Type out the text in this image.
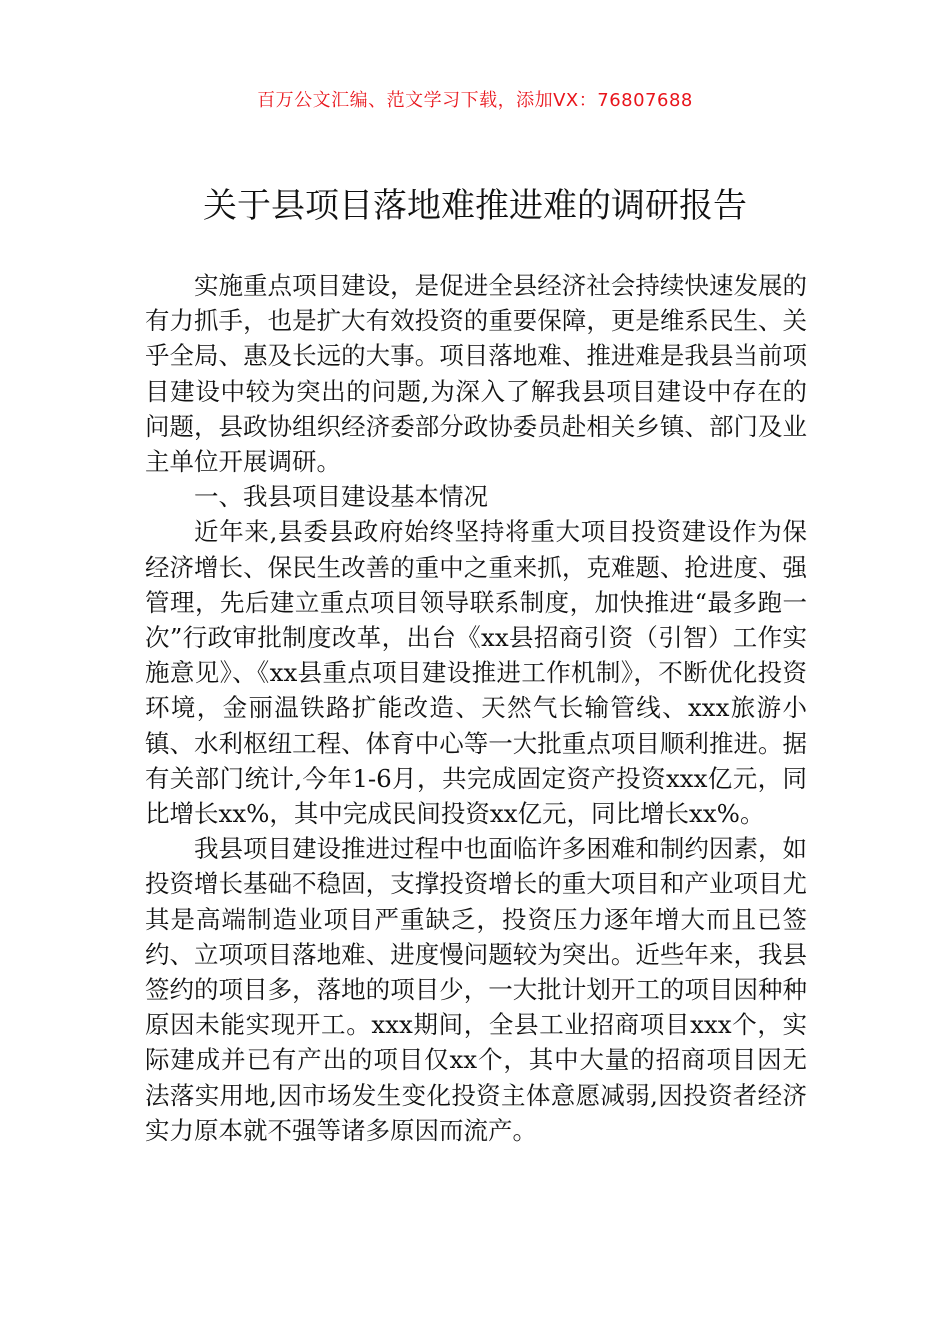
百万公文汇编、范文学习下载，添加VX：76807688
关于县项目落地难推进难的调研报告

实施重点项目建设，是促进全县经济社会持续快速发展的有力抓手，也是扩大有效投资的重要保障，更是维系民生、关乎全局、惠及长远的大事。项目落地难、推进难是我县当前项目建设中较为突出的问题,为深入了解我县项目建设中存在的问题，县政协组织经济委部分政协委员赴相关乡镇、部门及业主单位开展调研。

一、我县项目建设基本情况

近年来,县委县政府始终坚持将重大项目投资建设作为保经济增长、保民生改善的重中之重来抓，克难题、抢进度、强管理，先后建立重点项目领导联系制度，加快推进“最多跑一次”行政审批制度改革，出台《xx县招商引资（引智）工作实施意见》、《xx县重点项目建设推进工作机制》，不断优化投资环境，金丽温铁路扩能改造、天然气长输管线、xxx旅游小镇、水利枢纽工程、体育中心等一大批重点项目顺利推进。据有关部门统计,今年1-6月，共完成固定资产投资xxx亿元，同比增长xx%，其中完成民间投资xx亿元，同比增长xx%。

我县项目建设推进过程中也面临许多困难和制约因素，如投资增长基础不稳固，支撑投资增长的重大项目和产业项目尤其是高端制造业项目严重缺乏，投资压力逐年增大而且已签约、立项项目落地难、进度慢问题较为突出。近些年来，我县签约的项目多，落地的项目少，一大批计划开工的项目因种种原因未能实现开工。xxx期间，全县工业招商项目xxx个，实际建成并已有产出的项目仅xx个，其中大量的招商项目因无法落实用地,因市场发生变化投资主体意愿减弱,因投资者经济实力原本就不强等诸多原因而流产。
